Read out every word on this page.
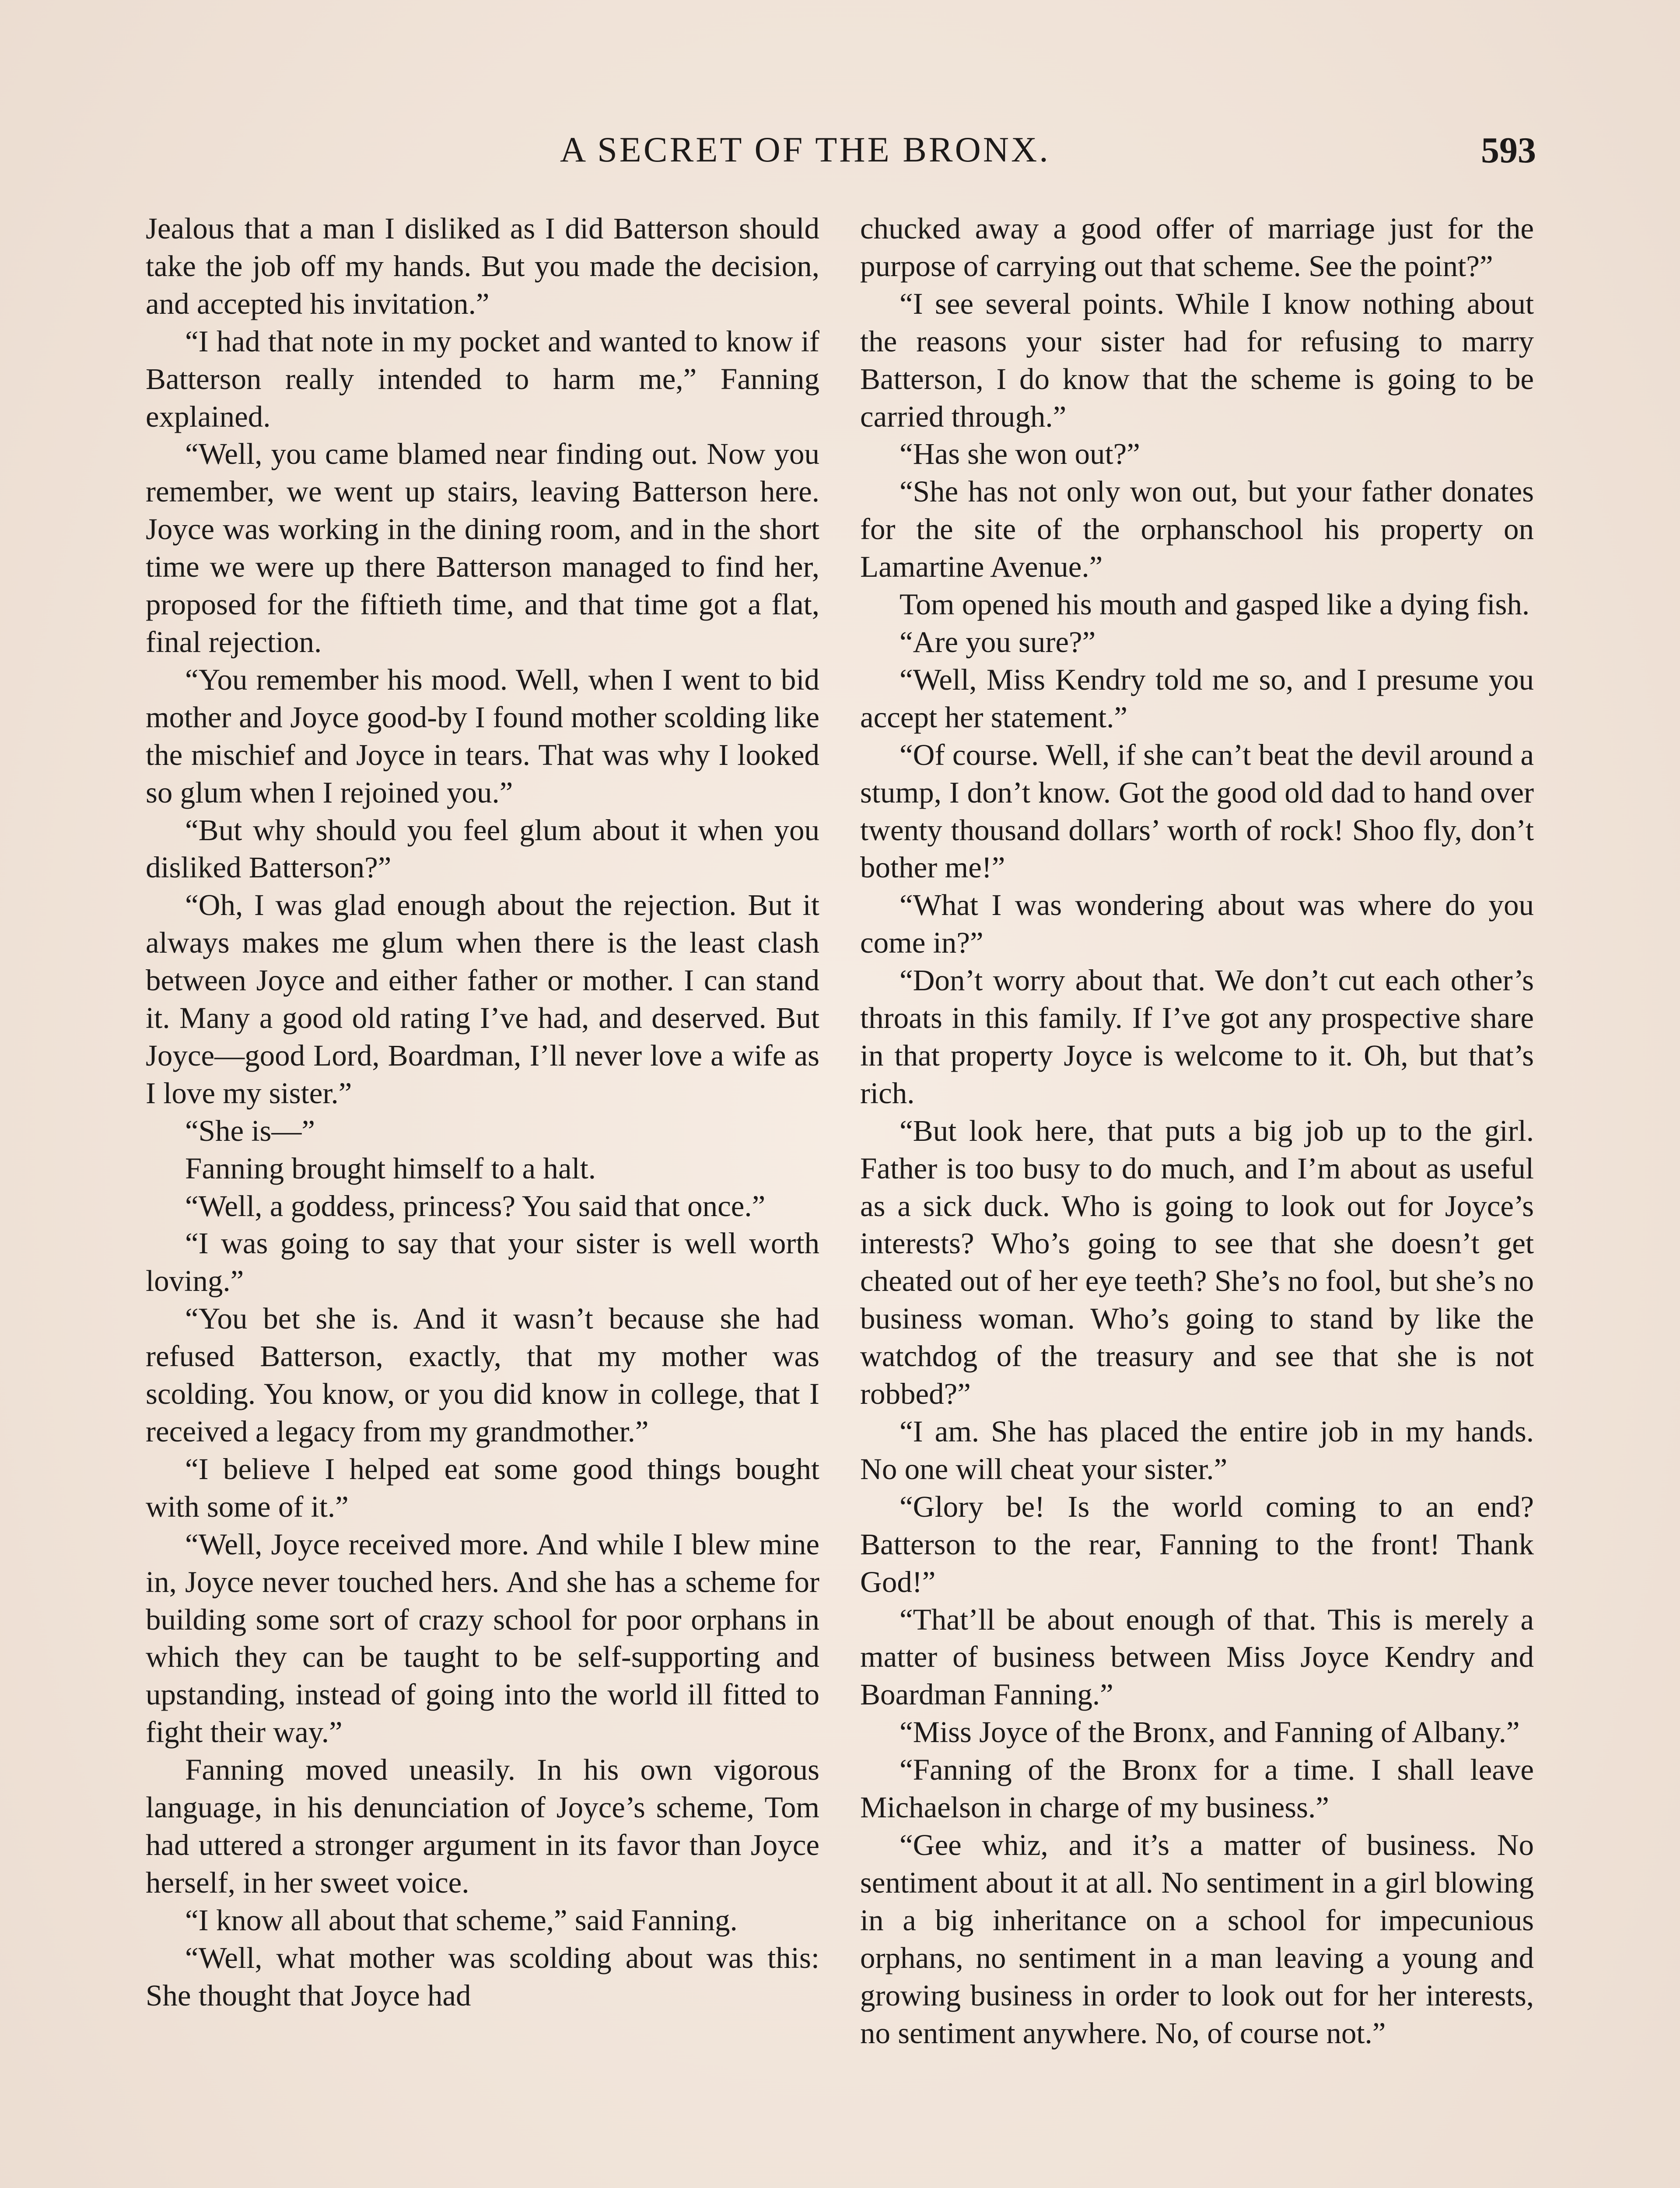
A SECRET OF THE BRONX.	593

Jealous that a man I disliked as I did Batterson should take the job off my hands. But you made the decision, and accepted his invitation.”

“I had that note in my pocket and wanted to know if Batterson really intended to harm me,” Fanning explained.

“Well, you came blamed near finding out. Now you remember, we went up stairs, leaving Batterson here. Joyce was working in the dining room, and in the short time we were up there Batterson managed to find her, proposed for the fiftieth time, and that time got a flat, final rejection.

“You remember his mood. Well, when I went to bid mother and Joyce good-by I found mother scolding like the mischief and Joyce in tears. That was why I looked so glum when I rejoined you.”

“But why should you feel glum about it when you disliked Batterson?”

“Oh, I was glad enough about the rejection. But it always makes me glum when there is the least clash between Joyce and either father or mother. I can stand it. Many a good old rating I’ve had, and deserved. But Joyce—good Lord, Boardman, I’ll never love a wife as I love my sister.”

“She is—”

Fanning brought himself to a halt.

“Well, a goddess, princess? You said that once.”

“I was going to say that your sister is well worth loving.”

“You bet she is. And it wasn’t because she had refused Batterson, exactly, that my mother was scolding. You know, or you did know in college, that I received a legacy from my grandmother.”

“I believe I helped eat some good things bought with some of it.”

“Well, Joyce received more. And while I blew mine in, Joyce never touched hers. And she has a scheme for building some sort of crazy school for poor orphans in which they can be taught to be self-supporting and upstanding, instead of going into the world ill fitted to fight their way.”

Fanning moved uneasily. In his own vigorous language, in his denunciation of Joyce’s scheme, Tom had uttered a stronger argument in its favor than Joyce herself, in her sweet voice.

“I know all about that scheme,” said Fanning.

“Well, what mother was scolding about was this: She thought that Joyce had

chucked away a good offer of marriage just for the purpose of carrying out that scheme. See the point?”

“I see several points. While I know nothing about the reasons your sister had for refusing to marry Batterson, I do know that the scheme is going to be carried through.”

“Has she won out?”

“She has not only won out, but your father donates for the site of the orphanschool his property on Lamartine Avenue.”

Tom opened his mouth and gasped like a dying fish.

“Are you sure?”

“Well, Miss Kendry told me so, and I presume you accept her statement.”

“Of course. Well, if she can’t beat the devil around a stump, I don’t know. Got the good old dad to hand over twenty thousand dollars’ worth of rock! Shoo fly, don’t bother me!”

“What I was wondering about was where do you come in?”

“Don’t worry about that. We don’t cut each other’s throats in this family. If I’ve got any prospective share in that property Joyce is welcome to it. Oh, but that’s rich.

“But look here, that puts a big job up to the girl. Father is too busy to do much, and I’m about as useful as a sick duck. Who is going to look out for Joyce’s interests? Who’s going to see that she doesn’t get cheated out of her eye teeth? She’s no fool, but she’s no business woman. Who’s going to stand by like the watchdog of the treasury and see that she is not robbed?”

“I am. She has placed the entire job in my hands. No one will cheat your sister.”

“Glory be! Is the world coming to an end? Batterson to the rear, Fanning to the front! Thank God!”

“That’ll be about enough of that. This is merely a matter of business between Miss Joyce Kendry and Boardman Fanning.”

“Miss Joyce of the Bronx, and Fanning of Albany.”

“Fanning of the Bronx for a time. I shall leave Michaelson in charge of my business.”

“Gee whiz, and it’s a matter of business. No sentiment about it at all. No sentiment in a girl blowing in a big inheritance on a school for impecunious orphans, no sentiment in a man leaving a young and growing business in order to look out for her interests, no sentiment anywhere. No, of course not.”
